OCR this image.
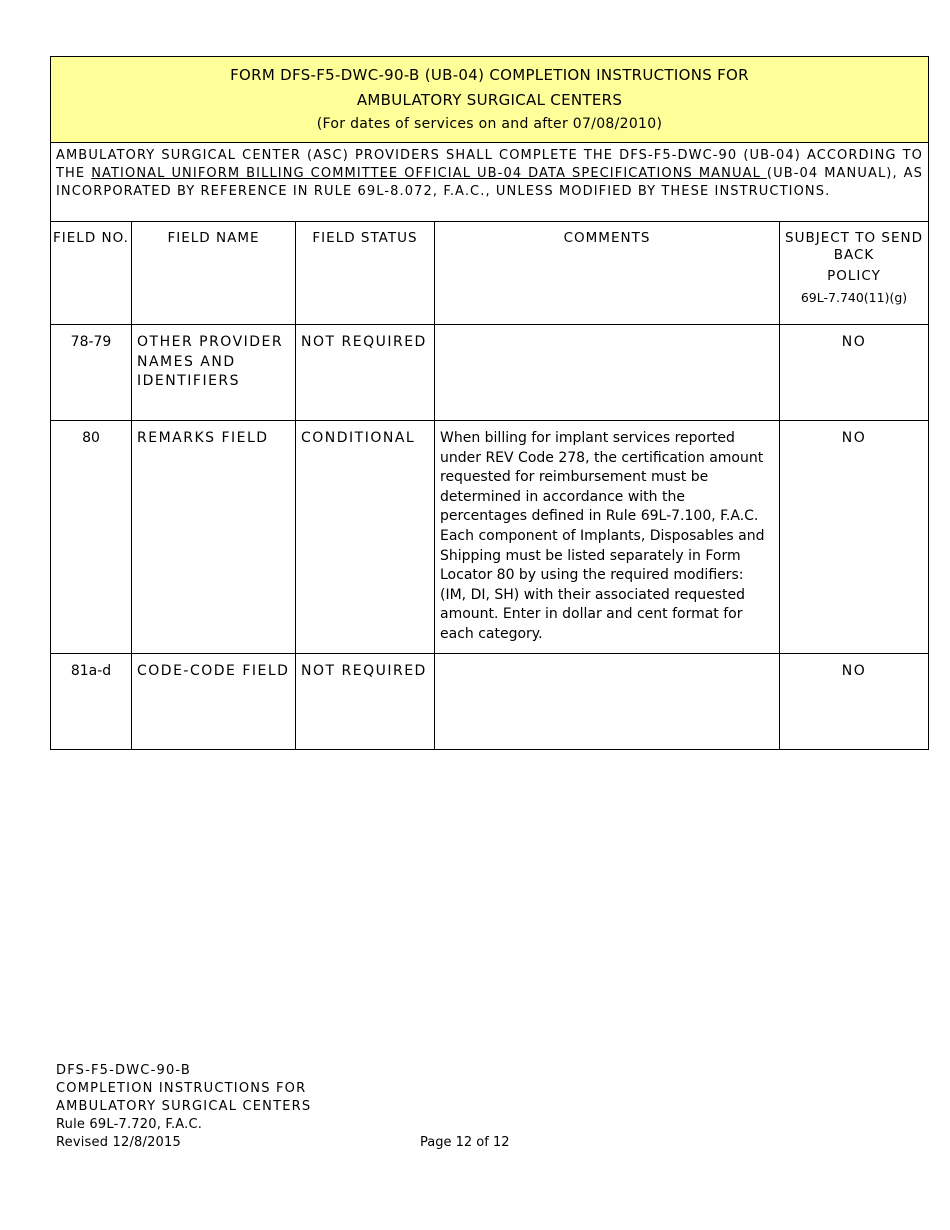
FORM DFS-F5-DWC-90-B (UB-04) COMPLETION INSTRUCTIONS FOR
AMBULATORY SURGICAL CENTERS
(For dates of services on and after 07/08/2010)				

AMBULATORY SURGICAL CENTER (ASC) PROVIDERS SHALL COMPLETE THE DFS-F5-DWC-90 (UB-04) ACCORDING TO THE NATIONAL UNIFORM BILLING COMMITTEE OFFICIAL UB-04 DATA SPECIFICATIONS MANUAL (UB-04 MANUAL), AS INCORPORATED BY REFERENCE IN RULE 69L-8.072, F.A.C., UNLESS MODIFIED BY THESE INSTRUCTIONS.				
FIELD NO.	FIELD NAME	FIELD STATUS	COMMENTS	SUBJECT TO SEND BACK
POLICY
69L-7.740(11)(g)

78-79	OTHER PROVIDER NAMES AND IDENTIFIERS	NOT REQUIRED		NO
80	REMARKS FIELD	CONDITIONAL	When billing for implant services reported under REV Code 278, the certification amount requested for reimbursement must be determined in accordance with the percentages defined in Rule 69L-7.100, F.A.C. Each component of Implants, Disposables and Shipping must be listed separately in Form Locator 80 by using the required modifiers: (IM, DI, SH) with their associated requested amount. Enter in dollar and cent format for each category.	NO
81a-d	CODE-CODE FIELD	NOT REQUIRED		NO
DFS-F5-DWC-90-B
COMPLETION INSTRUCTIONS FOR
AMBULATORY SURGICAL CENTERS
Rule 69L-7.720, F.A.C.
Revised 12/8/2015	Page 12 of 12
